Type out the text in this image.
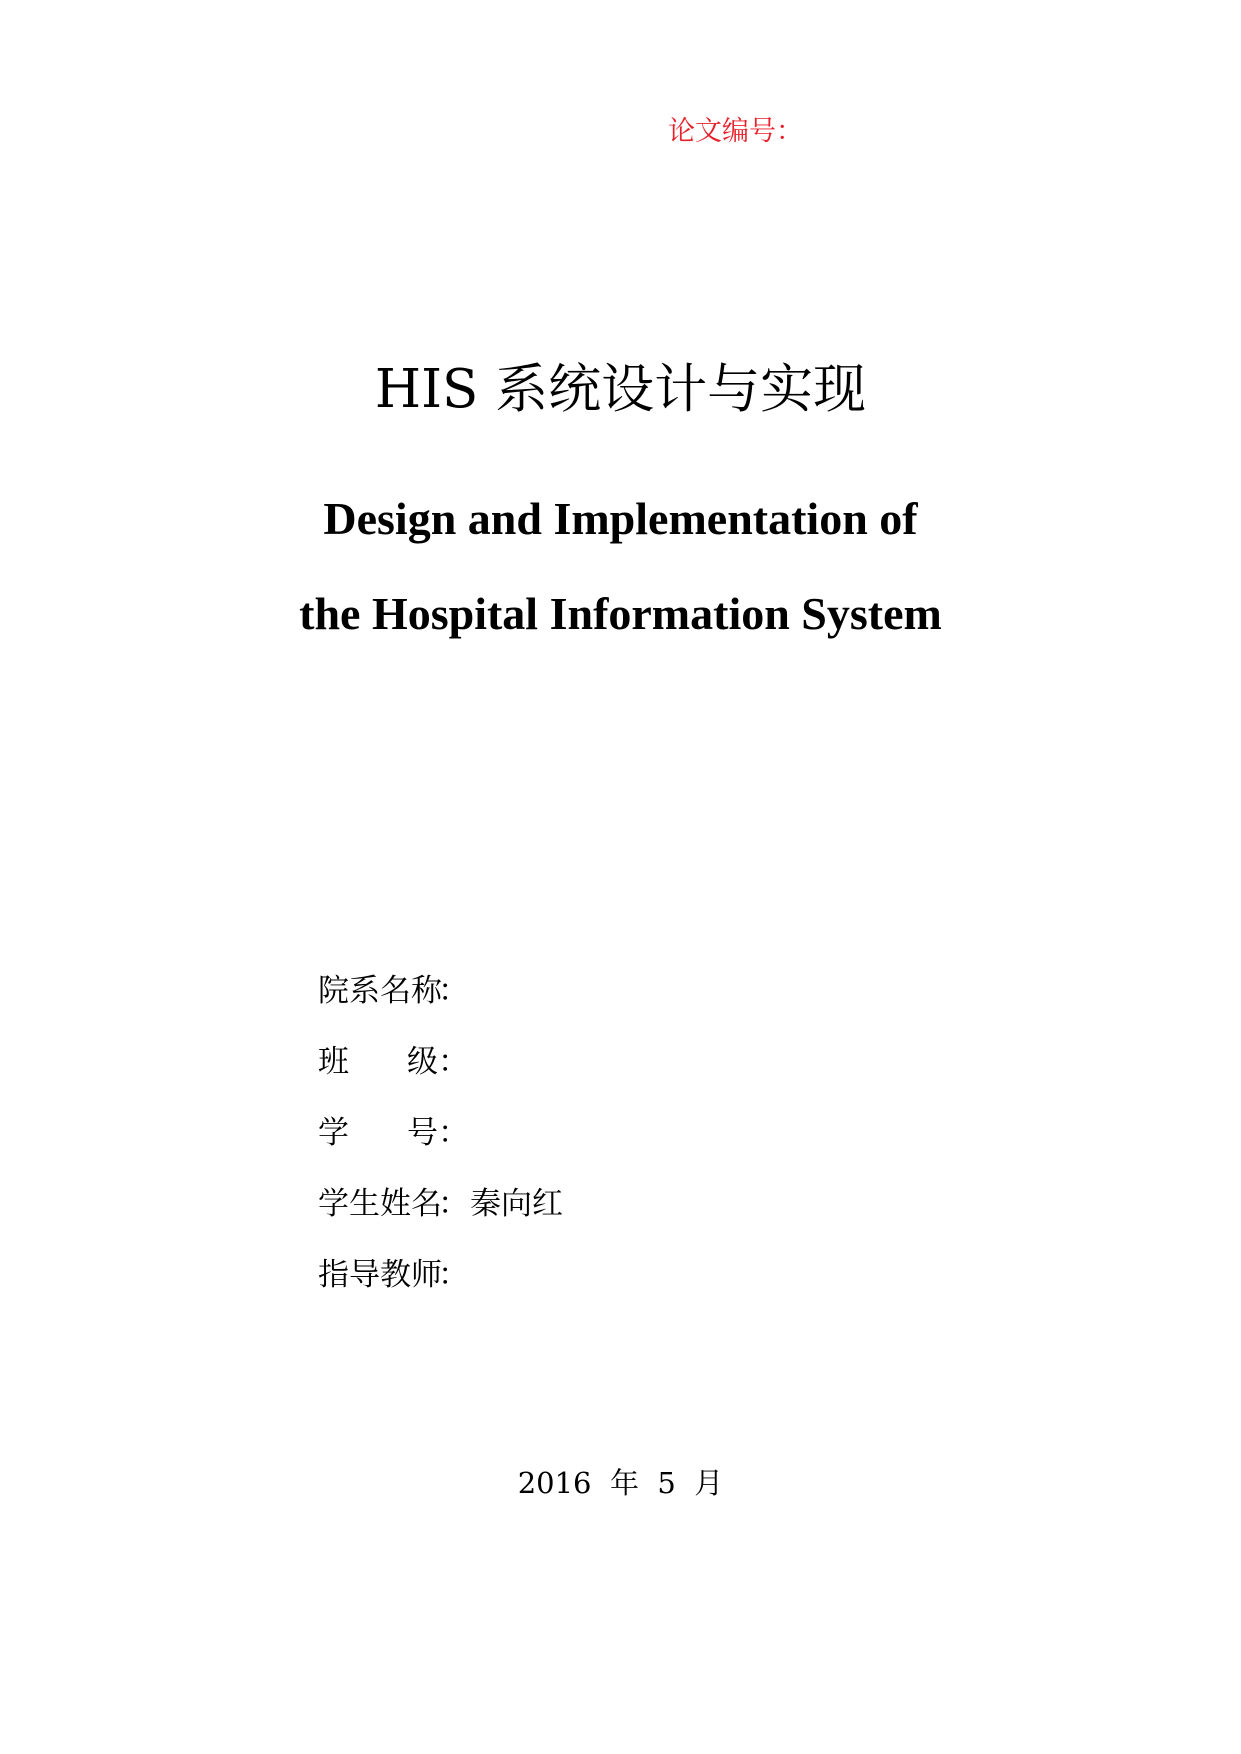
论文编号：
HIS 系统设计与实现
Design and Implementation of
the Hospital Information System
院系名称
：
班级 ：
学号 ：
学生姓名
： 秦向红
指导教师
：
2016  年  5  月
